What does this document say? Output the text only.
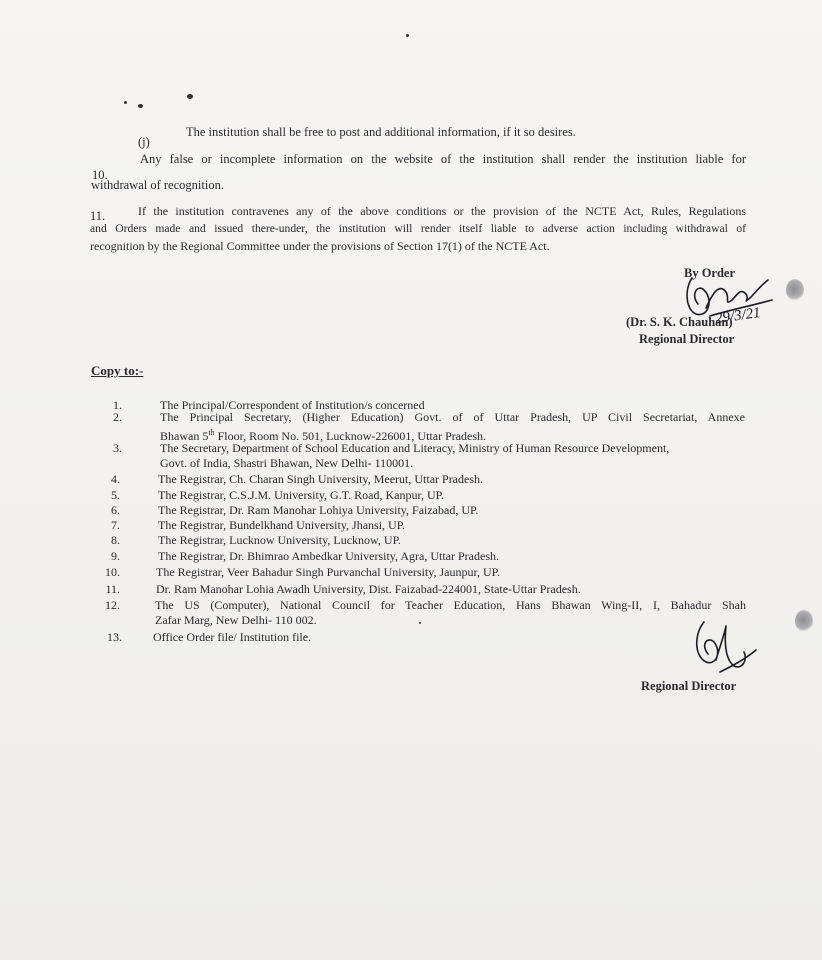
(j)
The institution shall be free to post and additional information, if it so desires.
10.
Any false or incomplete information on the website of the institution shall render the institution liable for
withdrawal of recognition.
11.	If the institution contravenes any of the above conditions or the provision of the NCTE Act, Rules, Regulations
and Orders made and issued there-under, the institution will render itself liable to adverse action including withdrawal of
recognition by the Regional Committee under the provisions of Section 17(1) of the NCTE Act.
By Order
(Dr. S. K. Chauhan)
29/3/21
Regional Director
Copy to:-
1.	The Principal/Correspondent of Institution/s concerned
2.	The Principal Secretary, (Higher Education) Govt. of of Uttar Pradesh, UP Civil Secretariat, Annexe
Bhawan 5th Floor, Room No. 501, Lucknow-226001, Uttar Pradesh.
3.	The Secretary, Department of School Education and Literacy, Ministry of Human Resource Development,
Govt. of India, Shastri Bhawan, New Delhi- 110001.
4.	The Registrar, Ch. Charan Singh University, Meerut, Uttar Pradesh.
5.	The Registrar, C.S.J.M. University, G.T. Road, Kanpur, UP.
6.	The Registrar, Dr. Ram Manohar Lohiya University, Faizabad, UP.
7.	The Registrar, Bundelkhand University, Jhansi, UP.
8.	The Registrar, Lucknow University, Lucknow, UP.
9.	The Registrar, Dr. Bhimrao Ambedkar University, Agra, Uttar Pradesh.
10.	The Registrar, Veer Bahadur Singh Purvanchal University, Jaunpur, UP.
11.	Dr. Ram Manohar Lohia Awadh University, Dist. Faizabad-224001, State-Uttar Pradesh.
12.	The US (Computer), National Council for Teacher Education, Hans Bhawan Wing-II, I, Bahadur Shah
Zafar Marg, New Delhi- 110 002.
13.	Office Order file/ Institution file.
Regional Director
